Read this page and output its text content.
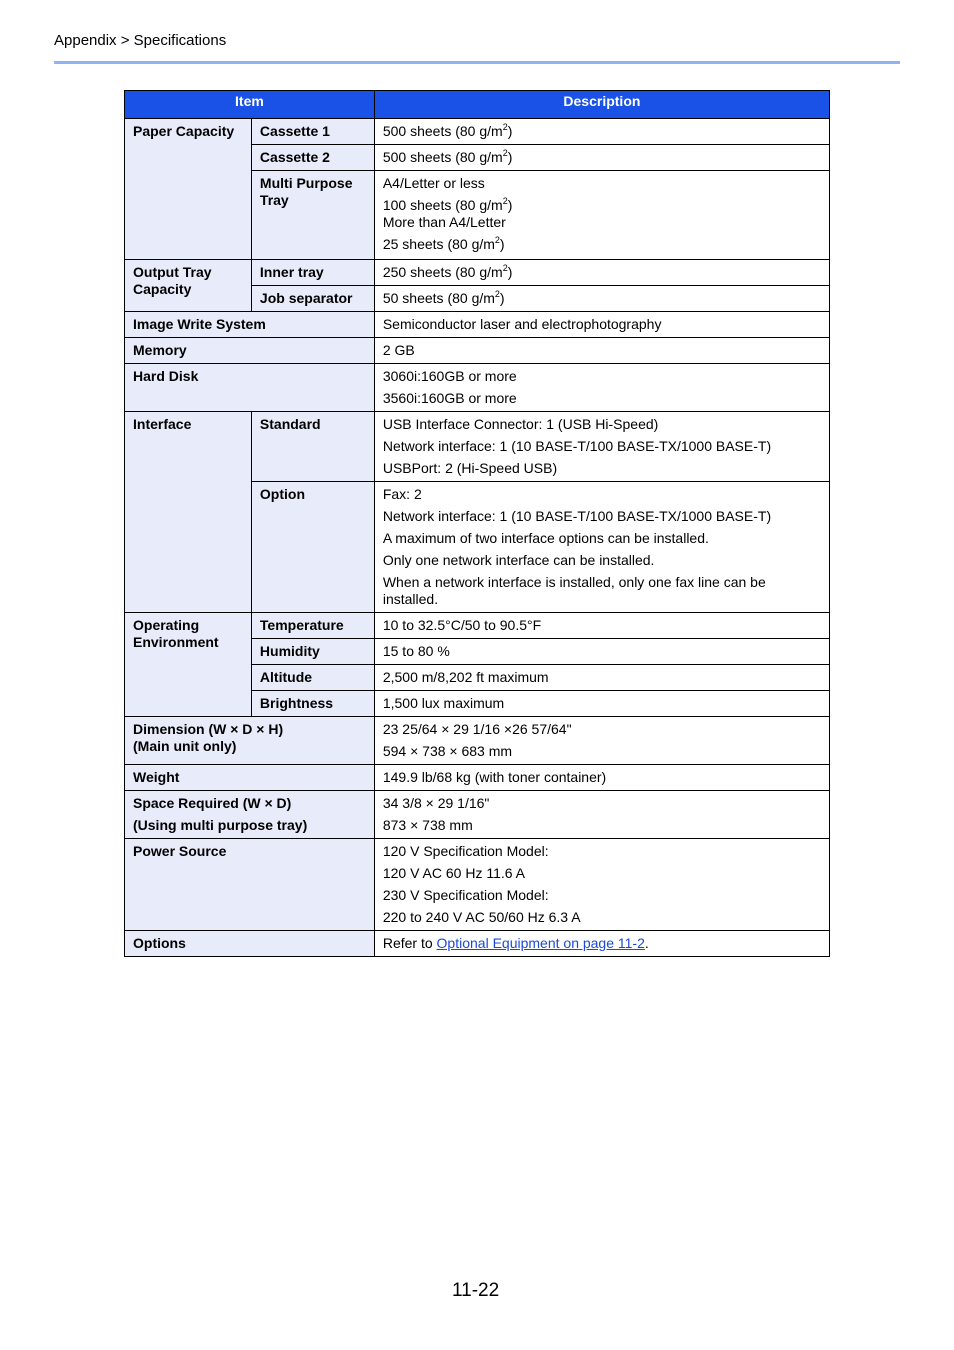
Appendix > Specifications
Item		Description
Paper Capacity	Cassette 1	500 sheets (80 $g/m^2$)
	Cassette 2	500 sheets (80 $g/m^2$)
	Multi Purpose Tray	A4/Letter or less
100 sheets (80 $g/m^2$)
More than A4/Letter
25 sheets (80 $g/m^2$)

Output Tray Capacity	Inner tray	250 sheets (80 $g/m^2$)
	Job separator	50 sheets (80 $g/m^2$)
Image Write System		Semiconductor laser and electrophotography
Memory		2 GB
Hard Disk		3060i:160GB or more
3560i:160GB or more

Interface	Standard	USB Interface Connector: 1 (USB Hi-Speed)
Network interface: 1 (10 BASE-T/100 BASE-TX/1000 BASE-T)
USBPort: 2 (Hi-Speed USB)

	Option	Fax: 2
Network interface: 1 (10 BASE-T/100 BASE-TX/1000 BASE-T)
A maximum of two interface options can be installed.
Only one network interface can be installed.
When a network interface is installed, only one fax line can be installed.

Operating Environment	Temperature	10 to 32.5°C/50 to 90.5°F
	Humidity	15 to 80 %
	Altitude	2,500 m/8,202 ft maximum
	Brightness	1,500 lux maximum

Dimension (W × D × H)
(Main unit only)		23 25/64 × 29 1/16 ×26 57/64"
594 × 738 × 683 mm

Weight		149.9 lb/68 kg (with toner container)

Space Required (W × D)
(Using multi purpose tray)		34 3/8 × 29 1/16"
873 × 738 mm

Power Source		120 V Specification Model:
120 V AC 60 Hz 11.6 A
230 V Specification Model:
220 to 240 V AC 50/60 Hz 6.3 A

Options		Refer to Optional Equipment on page 11-2.
11-22
